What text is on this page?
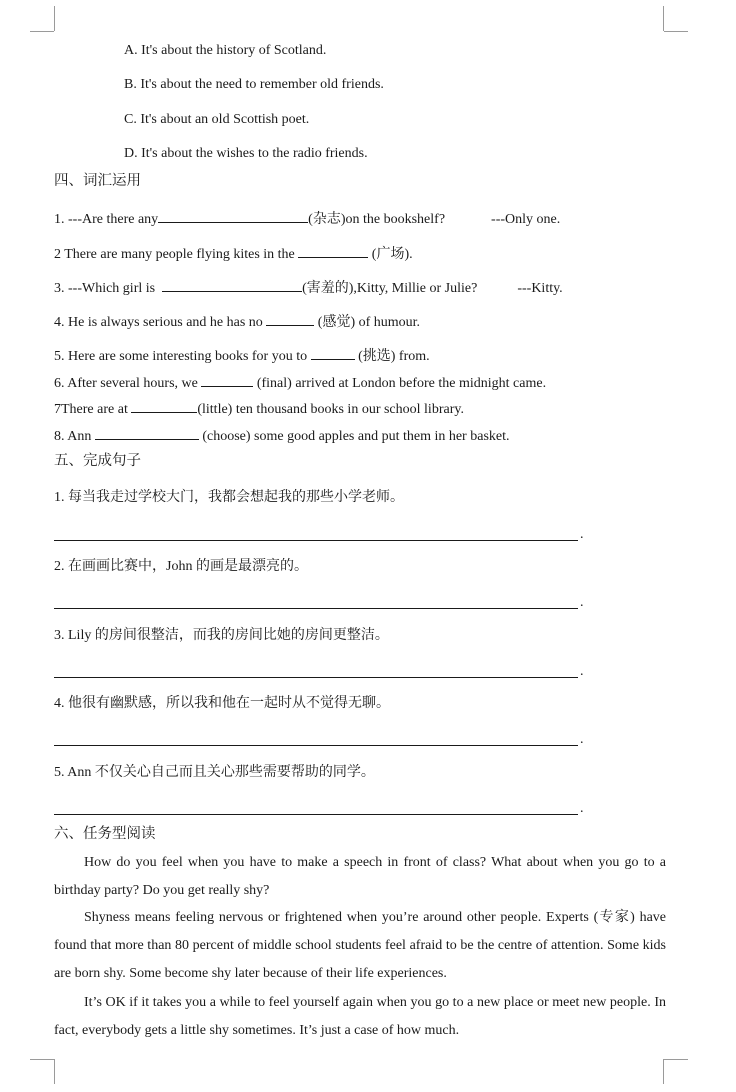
A. It's about the history of Scotland.
B. It's about the need to remember old friends.
C. It's about an old Scottish poet.
D. It's about the wishes to the radio friends.
四、词汇运用
1. ---Are there any	(杂志)on the bookshelf?	---Only one.
2 There are many people flying kites in the	(广场).
3. ---Which girl is	(害羞的),Kitty, Millie or Julie?	---Kitty.
4. He is always serious and he has no	(感觉) of humour.
5. Here are some interesting books for you to	(挑选) from.
6. After several hours, we	(final) arrived at London before the midnight came.
7There are at	(little) ten thousand books in our school library.
8. Ann	(choose) some good apples and put them in her basket.
五、完成句子
1. 每当我走过学校大门，我都会想起我的那些小学老师。
.
2. 在画画比赛中，John 的画是最漂亮的。
.
3. Lily 的房间很整洁，而我的房间比她的房间更整洁。
.
4. 他很有幽默感，所以我和他在一起时从不觉得无聊。
.
5. Ann 不仅关心自己而且关心那些需要帮助的同学。
.
六、任务型阅读
How do you feel when you have to make a speech in front of class? What about when you go to a birthday party? Do you get really shy?
Shyness means feeling nervous or frightened when you’re around other people. Experts (专家) have found that more than 80 percent of middle school students feel afraid to be the centre of attention. Some kids are born shy. Some become shy later because of their life experiences.
It’s OK if it takes you a while to feel yourself again when you go to a new place or meet new people. In fact, everybody gets a little shy sometimes. It’s just a case of how much.
